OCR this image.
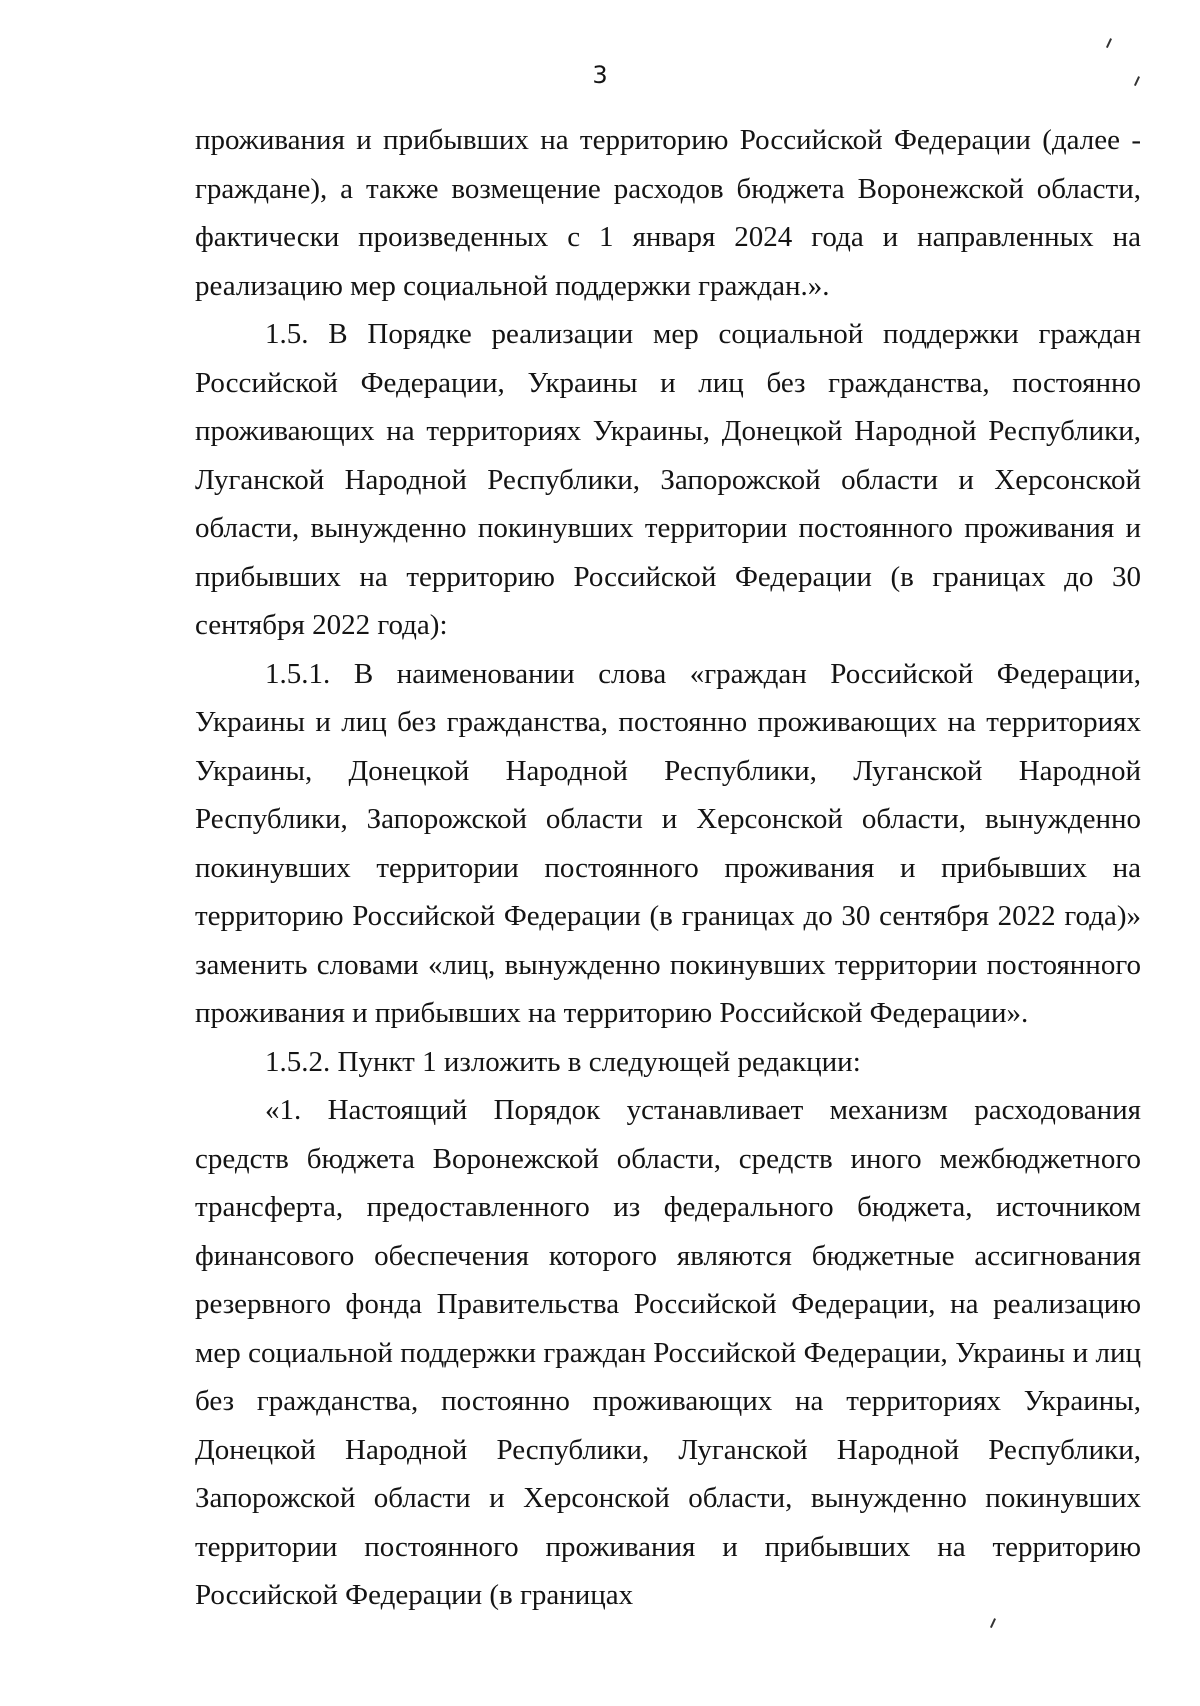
3

проживания и прибывших на территорию Российской Федерации (далее - граждане), а также возмещение расходов бюджета Воронежской области, фактически произведенных с 1 января 2024 года и направленных на реализацию мер социальной поддержки граждан.».

1.5. В Порядке реализации мер социальной поддержки граждан Российской Федерации, Украины и лиц без гражданства, постоянно проживающих на территориях Украины, Донецкой Народной Республики, Луганской Народной Республики, Запорожской области и Херсонской области, вынужденно покинувших территории постоянного проживания и прибывших на территорию Российской Федерации (в границах до 30 сентября 2022 года):

1.5.1. В наименовании слова «граждан Российской Федерации, Украины и лиц без гражданства, постоянно проживающих на территориях Украины, Донецкой Народной Республики, Луганской Народной Республики, Запорожской области и Херсонской области, вынужденно покинувших территории постоянного проживания и прибывших на территорию Российской Федерации (в границах до 30 сентября 2022 года)» заменить словами «лиц, вынужденно покинувших территории постоянного проживания и прибывших на территорию Российской Федерации».

1.5.2. Пункт 1 изложить в следующей редакции:

«1. Настоящий Порядок устанавливает механизм расходования средств бюджета Воронежской области, средств иного межбюджетного трансферта, предоставленного из федерального бюджета, источником финансового обеспечения которого являются бюджетные ассигнования резервного фонда Правительства Российской Федерации, на реализацию мер социальной поддержки граждан Российской Федерации, Украины и лиц без гражданства, постоянно проживающих на территориях Украины, Донецкой Народной Республики, Луганской Народной Республики, Запорожской области и Херсонской области, вынужденно покинувших территории постоянного проживания и прибывших на территорию Российской Федерации (в границах
